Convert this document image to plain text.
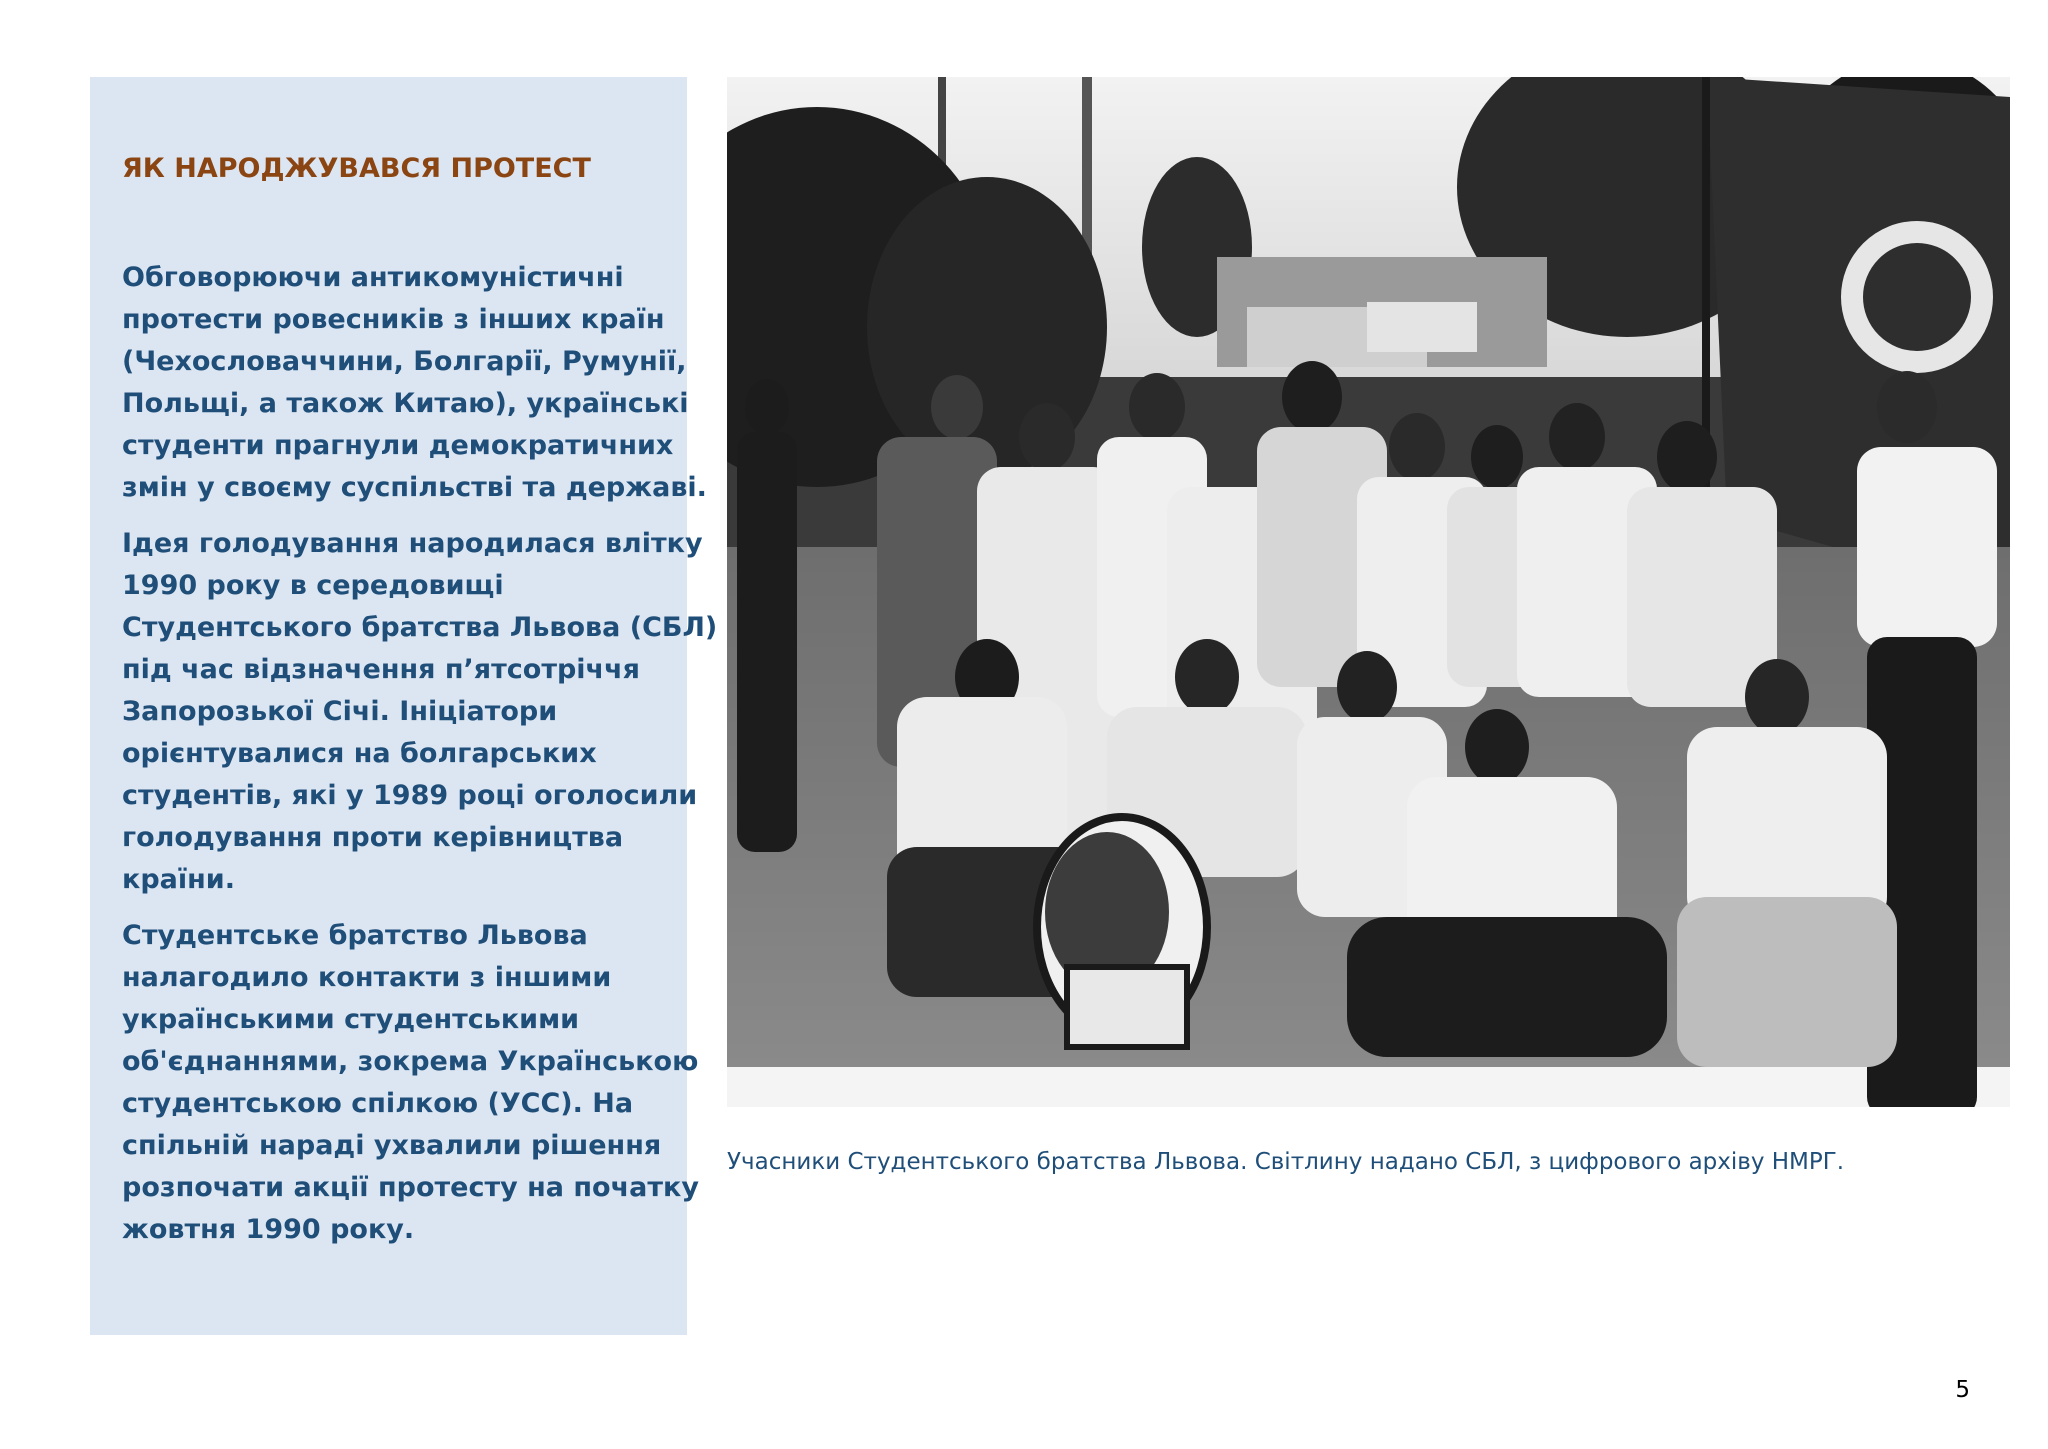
ЯК НАРОДЖУВАВСЯ ПРОТЕСТ

Обговорюючи антикомуністичні
протести ровесників з інших країн
(Чехословаччини, Болгарії, Румунії,
Польщі, а також Китаю), українські
студенти прагнули демократичних
змін у своєму суспільстві та державі.

Ідея голодування народилася влітку
1990 року в середовищі
Студентського братства Львова (СБЛ)
під час відзначення п’ятсотріччя
Запорозької Січі. Ініціатори
орієнтувалися на болгарських
студентів, які у 1989 році оголосили
голодування проти керівництва
країни.

Студентське братство Львова
налагодило контакти з іншими
українськими студентськими
об'єднаннями, зокрема Українською
студентською спілкою (УСС). На
спільній нараді ухвалили рішення
розпочати акції протесту на початку
жовтня 1990 року.

Учасники Студентського братства Львова. Світлину надано СБЛ, з цифрового архіву НМРГ.
5
